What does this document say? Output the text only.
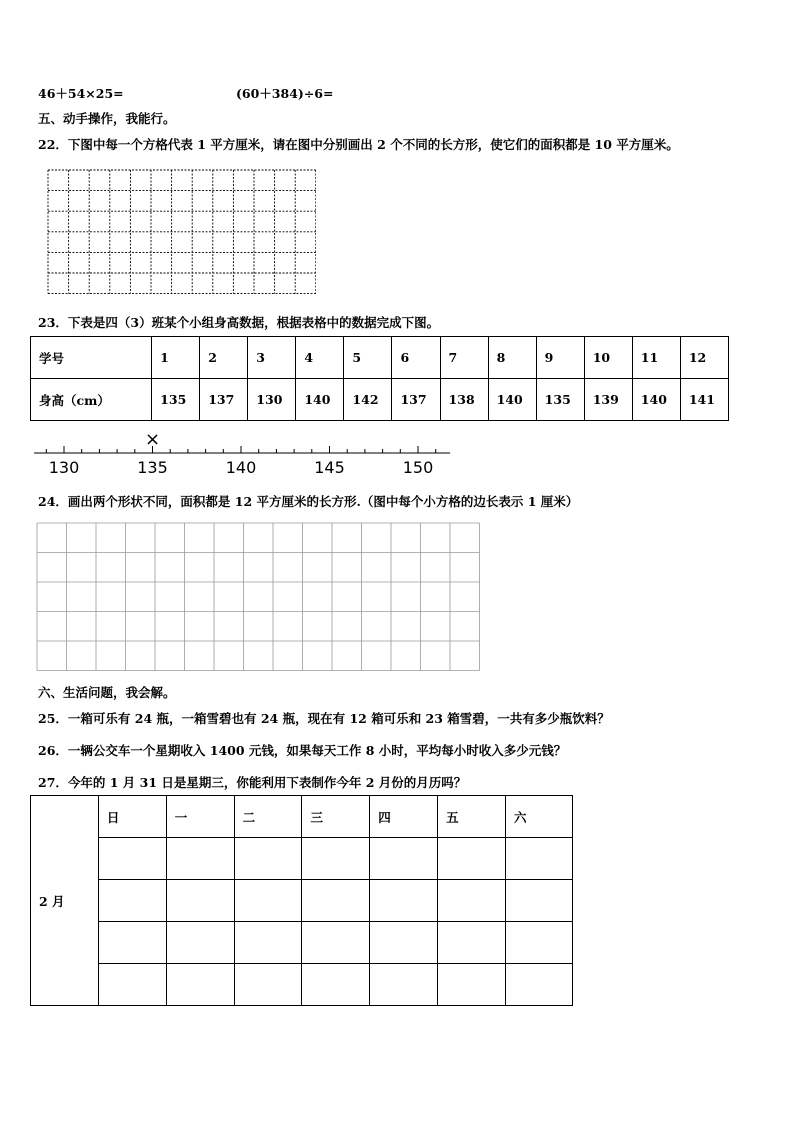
46＋54×25=	(60＋384)÷6=
五、动手操作，我能行。
22．下图中每一个方格代表 1 平方厘米，请在图中分别画出 2 个不同的长方形，使它们的面积都是 10 平方厘米。
23．下表是四（3）班某个小组身高数据，根据表格中的数据完成下图。
学号	1	2	3	4	5	6	7	8	9	10	11	12
身高（cm）	135	137	130	140	142	137	138	140	135	139	140	141
130	135	140	145	150
×
24．画出两个形状不同，面积都是 12 平方厘米的长方形.（图中每个小方格的边长表示 1 厘米）
六、生活问题，我会解。
25．一箱可乐有 24 瓶，一箱雪碧也有 24 瓶，现在有 12 箱可乐和 23 箱雪碧，一共有多少瓶饮料？
26．一辆公交车一个星期收入 1400 元钱，如果每天工作 8 小时，平均每小时收入多少元钱？
27．今年的 1 月 31 日是星期三，你能利用下表制作今年 2 月份的月历吗？
2 月	日	一	二	三	四	五	六
